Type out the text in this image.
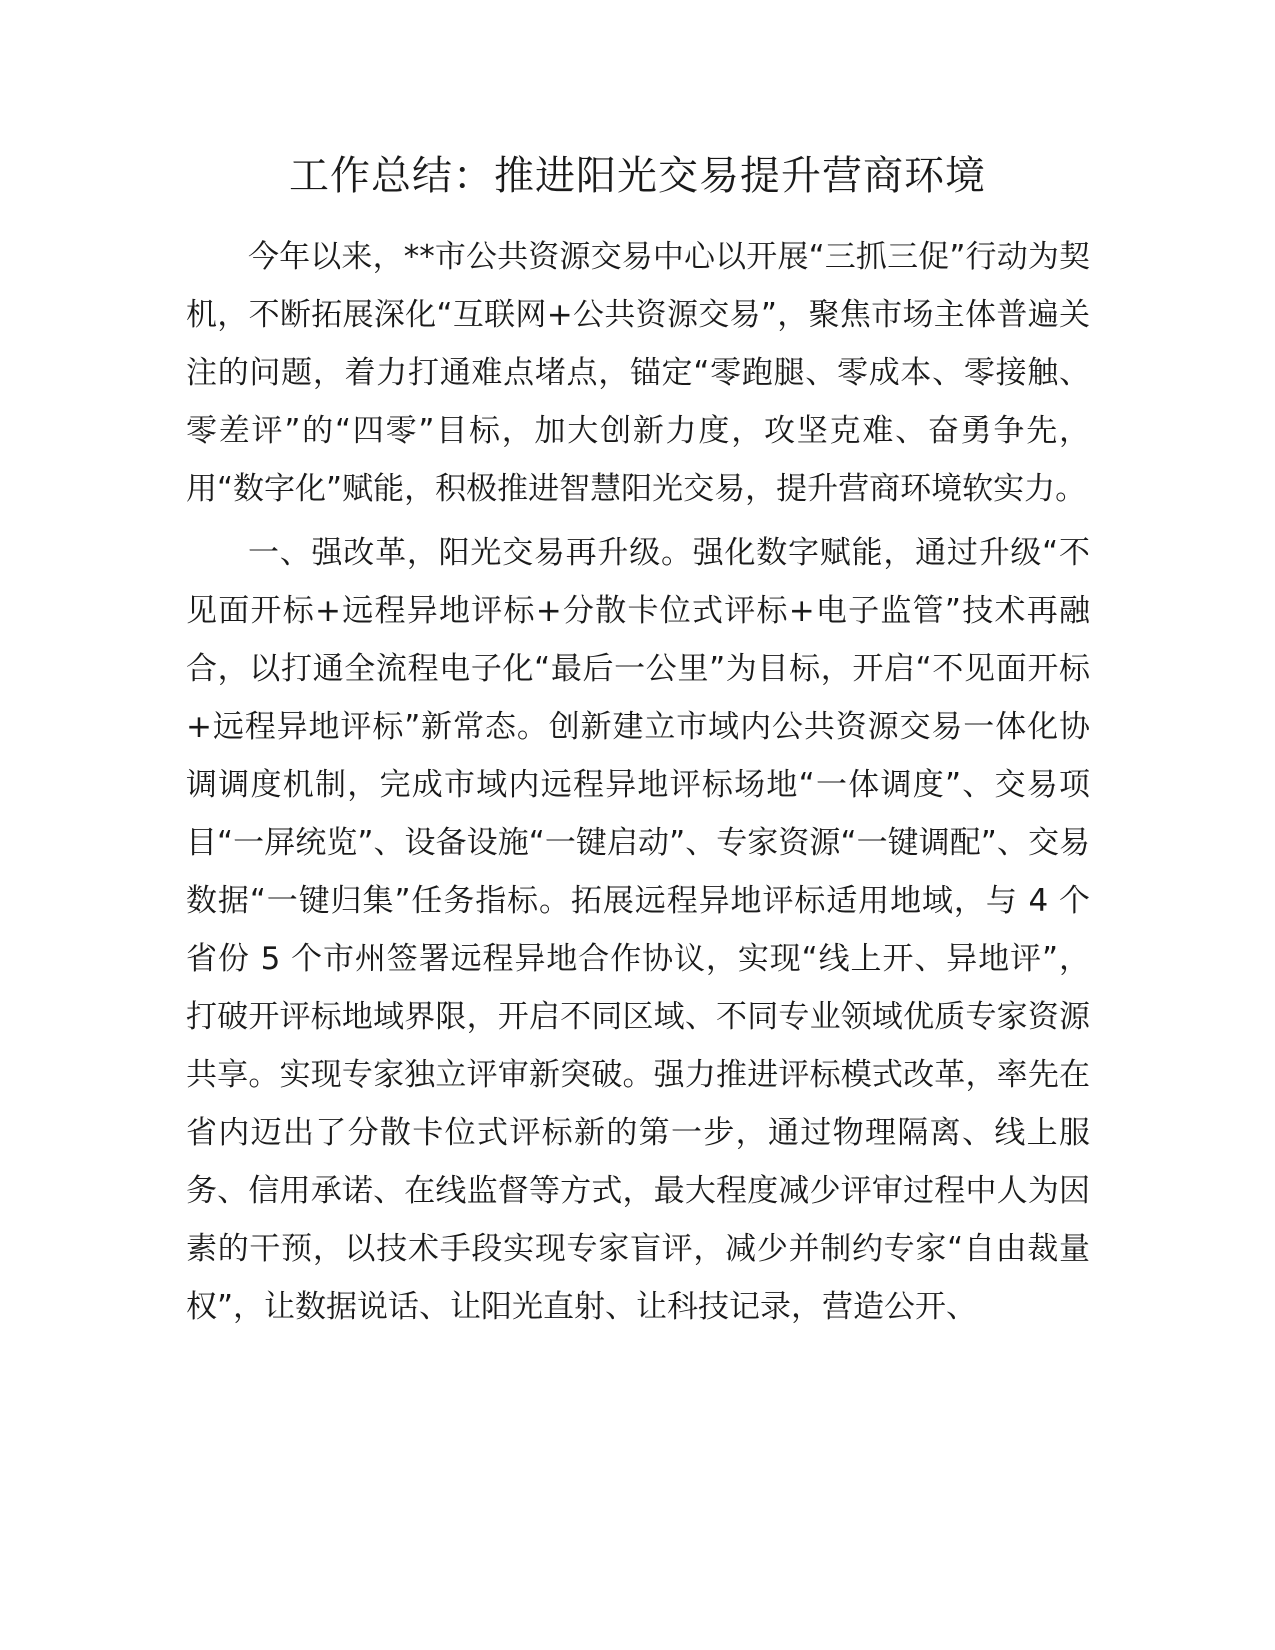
工作总结：推进阳光交易提升营商环境

今年以来，**市公共资源交易中心以开展“三抓三促”行动为契机，不断拓展深化“互联网+公共资源交易”，聚焦市场主体普遍关注的问题，着力打通难点堵点，锚定“零跑腿、零成本、零接触、零差评”的“四零”目标，加大创新力度，攻坚克难、奋勇争先，用“数字化”赋能，积极推进智慧阳光交易，提升营商环境软实力。

一、强改革，阳光交易再升级。强化数字赋能，通过升级“不见面开标+远程异地评标+分散卡位式评标+电子监管”技术再融合，以打通全流程电子化“最后一公里”为目标，开启“不见面开标+远程异地评标”新常态。创新建立市域内公共资源交易一体化协调调度机制，完成市域内远程异地评标场地“一体调度”、交易项目“一屏统览”、设备设施“一键启动”、专家资源“一键调配”、交易数据“一键归集”任务指标。拓展远程异地评标适用地域，与 4 个省份 5 个市州签署远程异地合作协议，实现“线上开、异地评”，打破开评标地域界限，开启不同区域、不同专业领域优质专家资源共享。实现专家独立评审新突破。强力推进评标模式改革，率先在省内迈出了分散卡位式评标新的第一步，通过物理隔离、线上服务、信用承诺、在线监督等方式，最大程度减少评审过程中人为因素的干预，以技术手段实现专家盲评，减少并制约专家“自由裁量权”，让数据说话、让阳光直射、让科技记录，营造公开、
